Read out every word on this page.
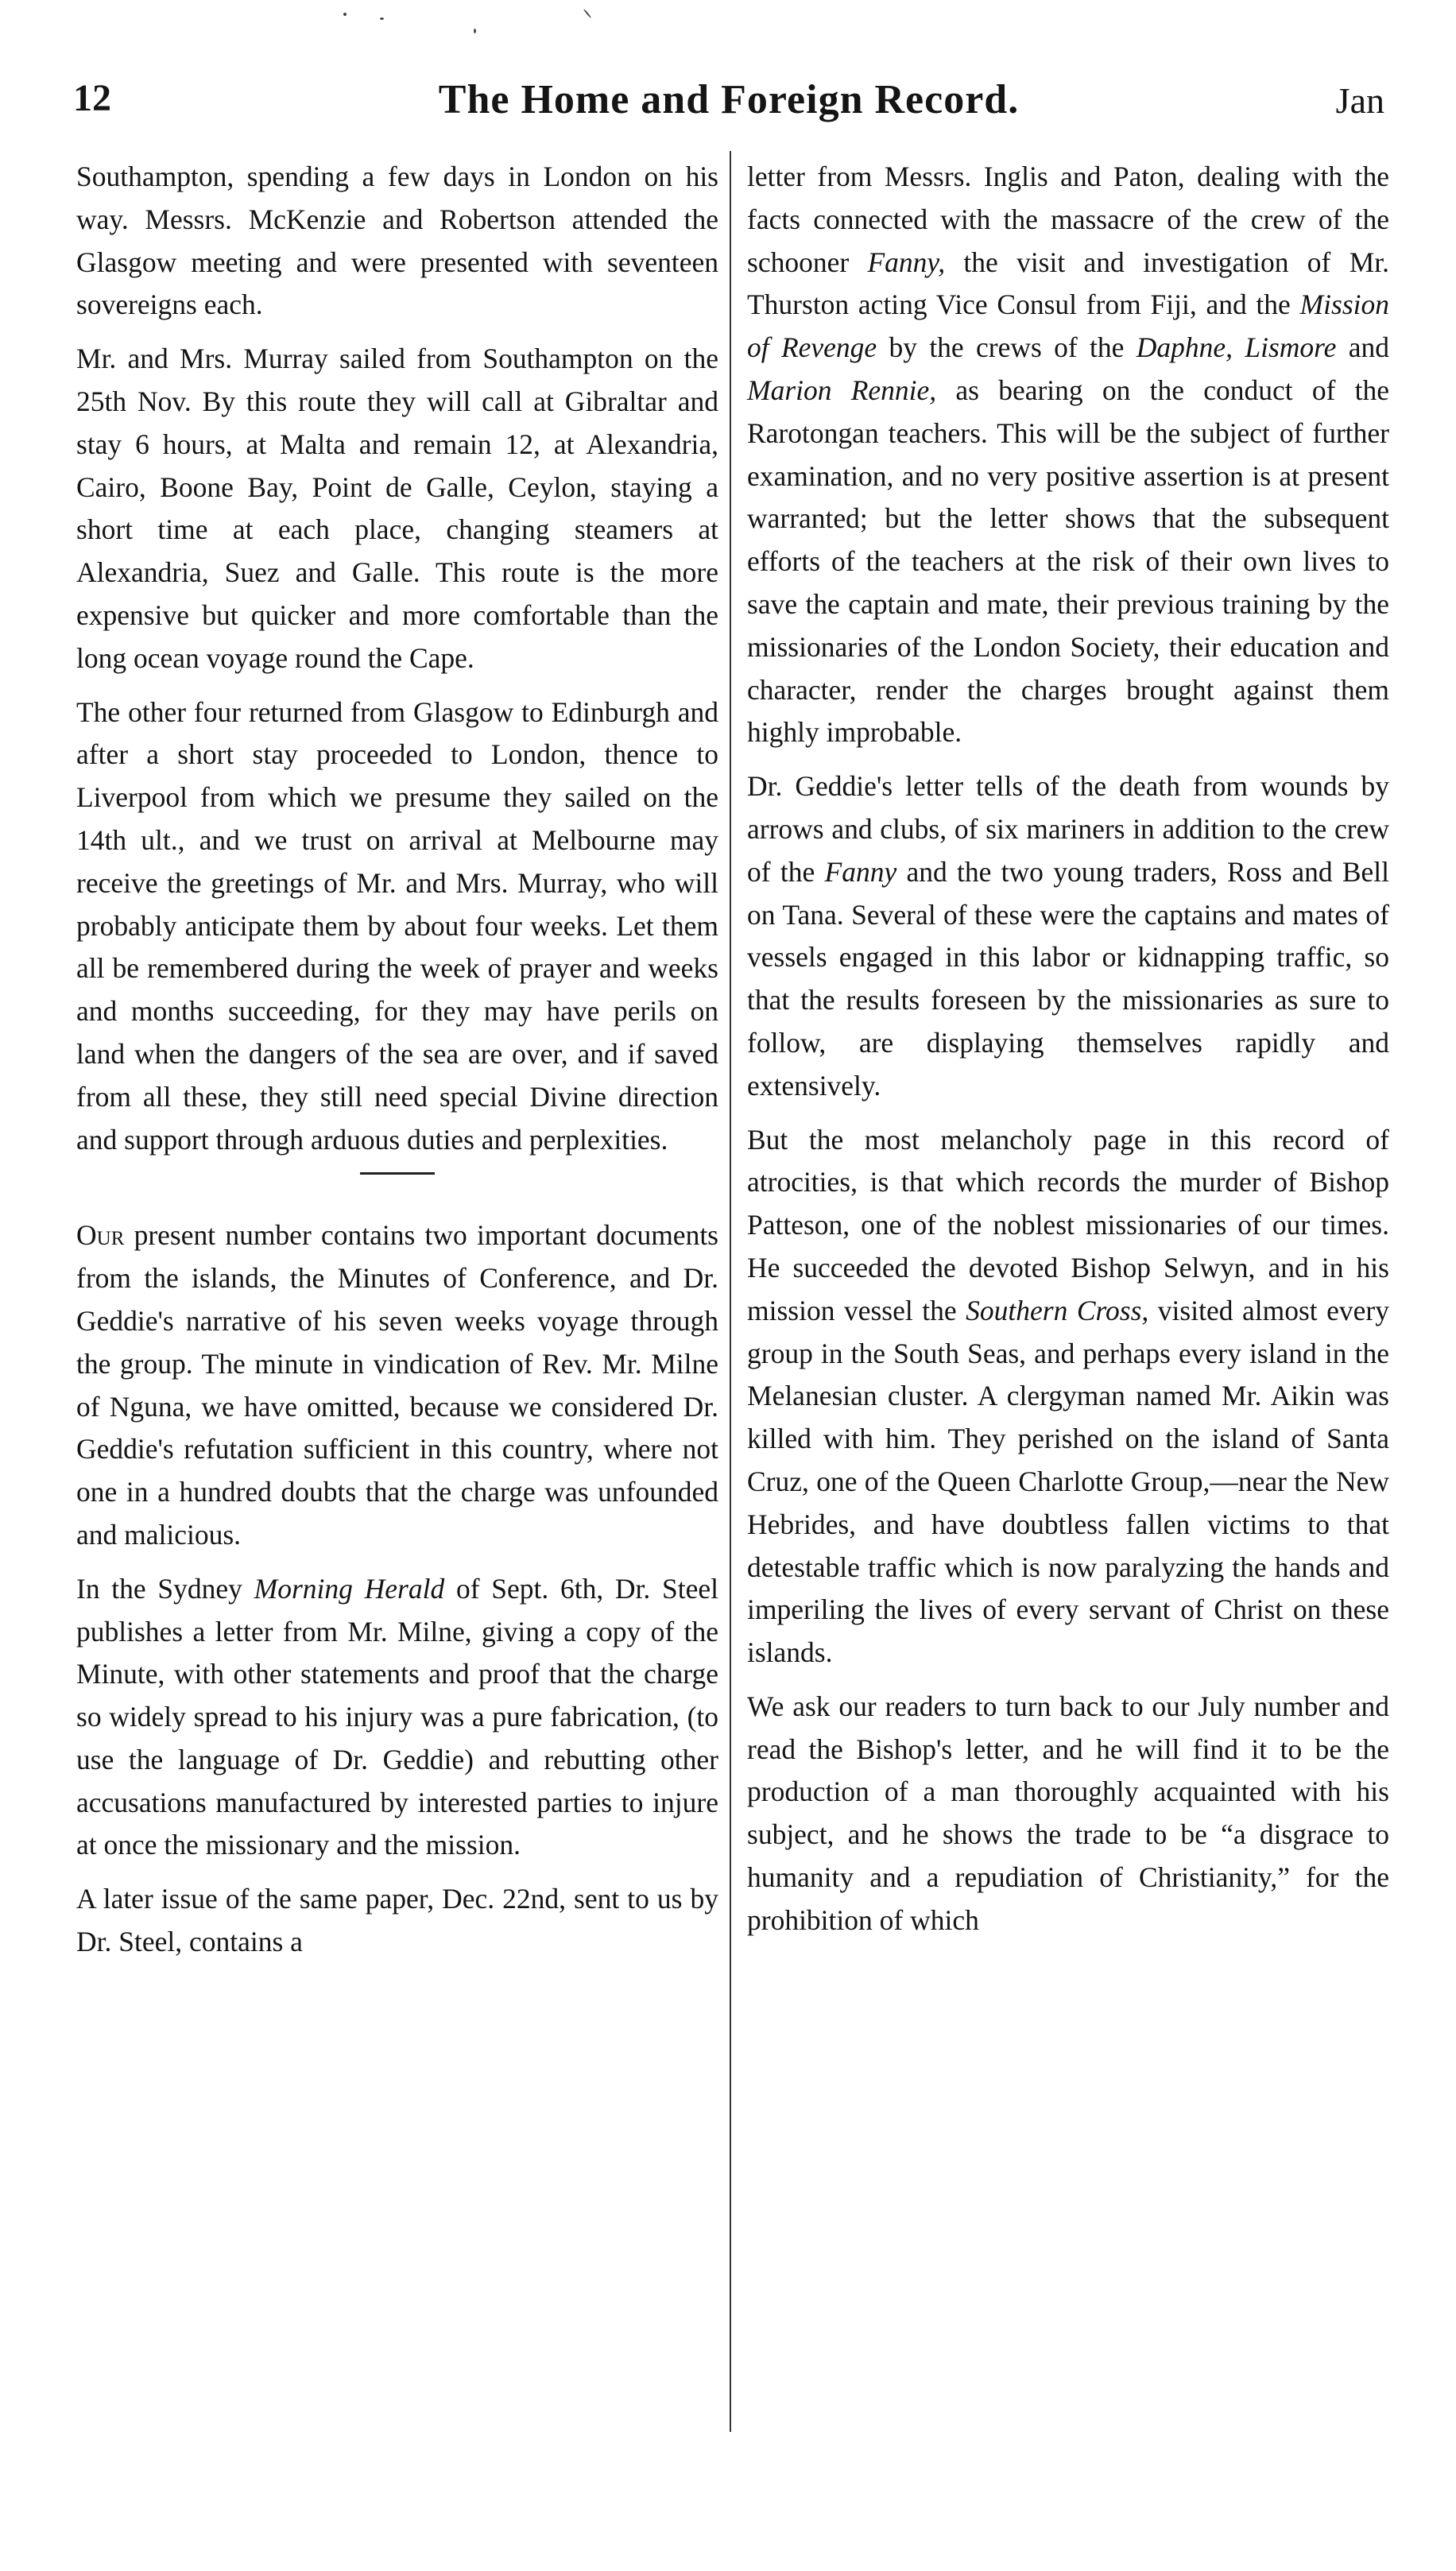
12	The Home and Foreign Record.	Jan

Southampton, spending a few days in London on his way. Messrs. McKenzie and Robertson attended the Glasgow meeting and were presented with seventeen sovereigns each.

Mr. and Mrs. Murray sailed from Southampton on the 25th Nov. By this route they will call at Gibraltar and stay 6 hours, at Malta and remain 12, at Alexandria, Cairo, Boone Bay, Point de Galle, Ceylon, staying a short time at each place, changing steamers at Alexandria, Suez and Galle. This route is the more expensive but quicker and more comfortable than the long ocean voyage round the Cape.

The other four returned from Glasgow to Edinburgh and after a short stay proceeded to London, thence to Liverpool from which we presume they sailed on the 14th ult., and we trust on arrival at Melbourne may receive the greetings of Mr. and Mrs. Murray, who will probably anticipate them by about four weeks. Let them all be remembered during the week of prayer and weeks and months succeeding, for they may have perils on land when the dangers of the sea are over, and if saved from all these, they still need special Divine direction and support through arduous duties and perplexities.

Our present number contains two important documents from the islands, the Minutes of Conference, and Dr. Geddie's narrative of his seven weeks voyage through the group. The minute in vindication of Rev. Mr. Milne of Nguna, we have omitted, because we considered Dr. Geddie's refutation sufficient in this country, where not one in a hundred doubts that the charge was unfounded and malicious.

In the Sydney Morning Herald of Sept. 6th, Dr. Steel publishes a letter from Mr. Milne, giving a copy of the Minute, with other statements and proof that the charge so widely spread to his injury was a pure fabrication, (to use the language of Dr. Geddie) and rebutting other accusations manufactured by interested parties to injure at once the missionary and the mission.

A later issue of the same paper, Dec. 22nd, sent to us by Dr. Steel, contains a

letter from Messrs. Inglis and Paton, dealing with the facts connected with the massacre of the crew of the schooner Fanny, the visit and investigation of Mr. Thurston acting Vice Consul from Fiji, and the Mission of Revenge by the crews of the Daphne, Lismore and Marion Rennie, as bearing on the conduct of the Rarotongan teachers. This will be the subject of further examination, and no very positive assertion is at present warranted; but the letter shows that the subsequent efforts of the teachers at the risk of their own lives to save the captain and mate, their previous training by the missionaries of the London Society, their education and character, render the charges brought against them highly improbable.

Dr. Geddie's letter tells of the death from wounds by arrows and clubs, of six mariners in addition to the crew of the Fanny and the two young traders, Ross and Bell on Tana. Several of these were the captains and mates of vessels engaged in this labor or kidnapping traffic, so that the results foreseen by the missionaries as sure to follow, are displaying themselves rapidly and extensively.

But the most melancholy page in this record of atrocities, is that which records the murder of Bishop Patteson, one of the noblest missionaries of our times. He succeeded the devoted Bishop Selwyn, and in his mission vessel the Southern Cross, visited almost every group in the South Seas, and perhaps every island in the Melanesian cluster. A clergyman named Mr. Aikin was killed with him. They perished on the island of Santa Cruz, one of the Queen Charlotte Group,—near the New Hebrides, and have doubtless fallen victims to that detestable traffic which is now paralyzing the hands and imperiling the lives of every servant of Christ on these islands.

We ask our readers to turn back to our July number and read the Bishop's letter, and he will find it to be the production of a man thoroughly acquainted with his subject, and he shows the trade to be “a disgrace to humanity and a repudiation of Christianity,” for the prohibition of which
